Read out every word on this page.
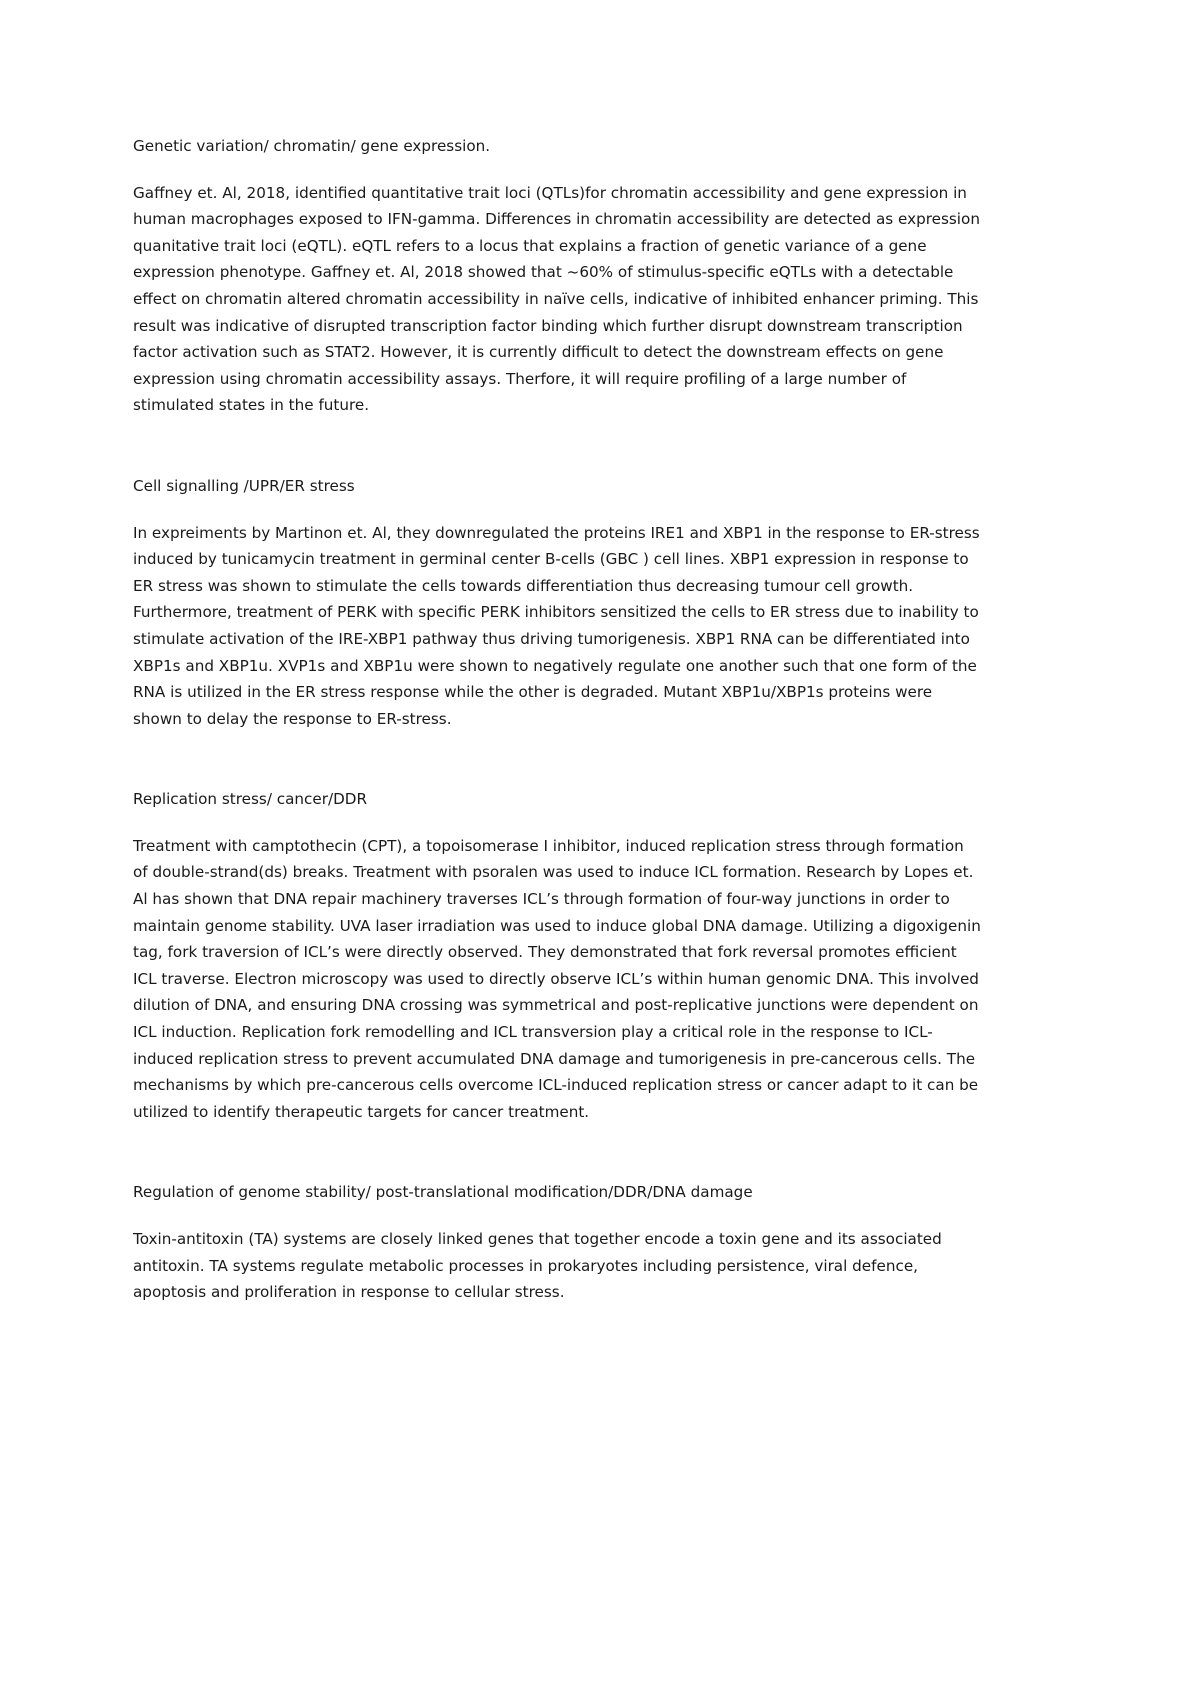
Genetic variation/ chromatin/ gene expression.

Gaffney et. Al, 2018, identified quantitative trait loci (QTLs)for chromatin accessibility and gene expression in human macrophages exposed to IFN-gamma. Differences in chromatin accessibility are detected as expression quanitative trait loci (eQTL). eQTL refers to a locus that explains a fraction of genetic variance of a gene expression phenotype. Gaffney et. Al, 2018 showed that ~60% of stimulus-specific eQTLs with a detectable effect on chromatin altered chromatin accessibility in naïve cells, indicative of inhibited enhancer priming. This result was indicative of disrupted transcription factor binding which further disrupt downstream transcription factor activation such as STAT2. However, it is currently difficult to detect the downstream effects on gene expression using chromatin accessibility assays. Therfore, it will require profiling of a large number of stimulated states in the future.

Cell signalling /UPR/ER stress

In expreiments by Martinon et. Al, they downregulated the proteins IRE1 and XBP1 in the response to ER-stress induced by tunicamycin treatment in germinal center B-cells (GBC ) cell lines. XBP1 expression in response to ER stress was shown to stimulate the cells towards differentiation thus decreasing tumour cell growth. Furthermore, treatment of PERK with specific PERK inhibitors sensitized the cells to ER stress due to inability to stimulate activation of the IRE-XBP1 pathway thus driving tumorigenesis. XBP1 RNA can be differentiated into XBP1s and XBP1u. XVP1s and XBP1u were shown to negatively regulate one another such that one form of the RNA is utilized in the ER stress response while the other is degraded. Mutant XBP1u/XBP1s proteins were shown to delay the response to ER-stress.

Replication stress/ cancer/DDR

Treatment with camptothecin (CPT), a topoisomerase I inhibitor, induced replication stress through formation of double-strand(ds) breaks. Treatment with psoralen was used to induce ICL formation. Research by Lopes et. Al has shown that DNA repair machinery traverses ICL’s through formation of four-way junctions in order to maintain genome stability. UVA laser irradiation was used to induce global DNA damage. Utilizing a digoxigenin tag, fork traversion of ICL’s were directly observed. They demonstrated that fork reversal promotes efficient ICL traverse. Electron microscopy was used to directly observe ICL’s within human genomic DNA. This involved dilution of DNA, and ensuring DNA crossing was symmetrical and post-replicative junctions were dependent on ICL induction. Replication fork remodelling and ICL transversion play a critical role in the response to ICL-induced replication stress to prevent accumulated DNA damage and tumorigenesis in pre-cancerous cells. The mechanisms by which pre-cancerous cells overcome ICL-induced replication stress or cancer adapt to it can be utilized to identify therapeutic targets for cancer treatment.

Regulation of genome stability/ post-translational modification/DDR/DNA damage

Toxin-antitoxin (TA) systems are closely linked genes that together encode a toxin gene and its associated antitoxin. TA systems regulate metabolic processes in prokaryotes including persistence, viral defence, apoptosis and proliferation in response to cellular stress.
